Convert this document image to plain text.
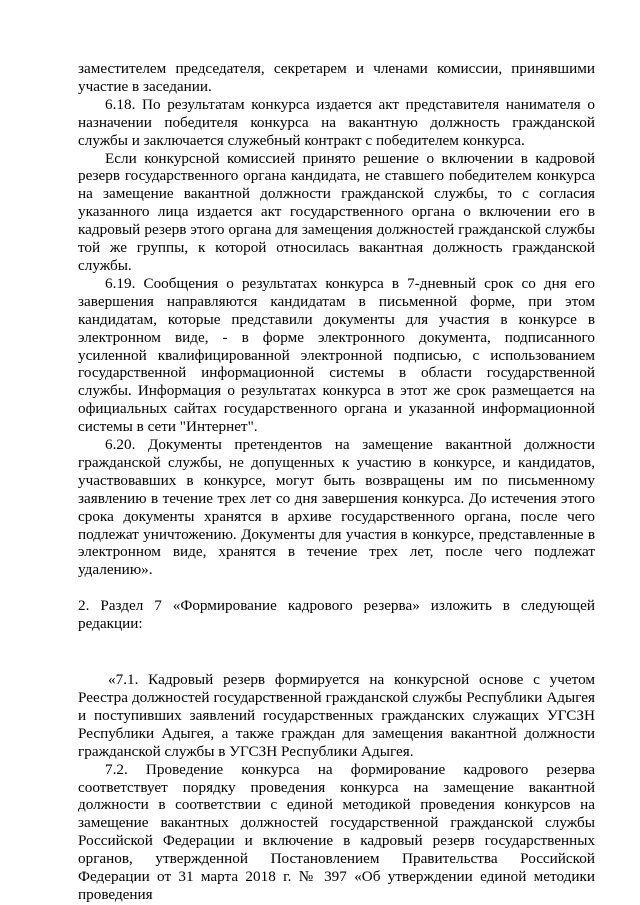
заместителем председателя, секретарем и членами комиссии, принявшими участие в заседании.

6.18. По результатам конкурса издается акт представителя нанимателя о назначении победителя конкурса на вакантную должность гражданской службы и заключается служебный контракт с победителем конкурса.

Если конкурсной комиссией принято решение о включении в кадровой резерв государственного органа кандидата, не ставшего победителем конкурса на замещение вакантной должности гражданской службы, то с согласия указанного лица издается акт государственного органа о включении его в кадровый резерв этого органа для замещения должностей гражданской службы той же группы, к которой относилась вакантная должность гражданской службы.

6.19. Сообщения о результатах конкурса в 7-дневный срок со дня его завершения направляются кандидатам в письменной форме, при этом кандидатам, которые представили документы для участия в конкурсе в электронном виде, - в форме электронного документа, подписанного усиленной квалифицированной электронной подписью, с использованием государственной информационной системы в области государственной службы. Информация о результатах конкурса в этот же срок размещается на официальных сайтах государственного органа и указанной информационной системы в сети "Интернет".

6.20. Документы претендентов на замещение вакантной должности гражданской службы, не допущенных к участию в конкурсе, и кандидатов, участвовавших в конкурсе, могут быть возвращены им по письменному заявлению в течение трех лет со дня завершения конкурса. До истечения этого срока документы хранятся в архиве государственного органа, после чего подлежат уничтожению. Документы для участия в конкурсе, представленные в электронном виде, хранятся в течение трех лет, после чего подлежат удалению».

2. Раздел 7 «Формирование кадрового резерва» изложить в следующей редакции:

«7.1. Кадровый резерв формируется на конкурсной основе с учетом Реестра должностей государственной гражданской службы Республики Адыгея и поступивших заявлений государственных гражданских служащих УГСЗН Республики Адыгея, а также граждан для замещения вакантной должности гражданской службы в УГСЗН Республики Адыгея.

7.2. Проведение конкурса на формирование кадрового резерва соответствует порядку проведения конкурса на замещение вакантной должности в соответствии с единой методикой проведения конкурсов на замещение вакантных должностей государственной гражданской службы Российской Федерации и включение в кадровый резерв государственных органов, утвержденной Постановлением Правительства Российской Федерации от 31 марта 2018 г. № 397 «Об утверждении единой методики проведения
